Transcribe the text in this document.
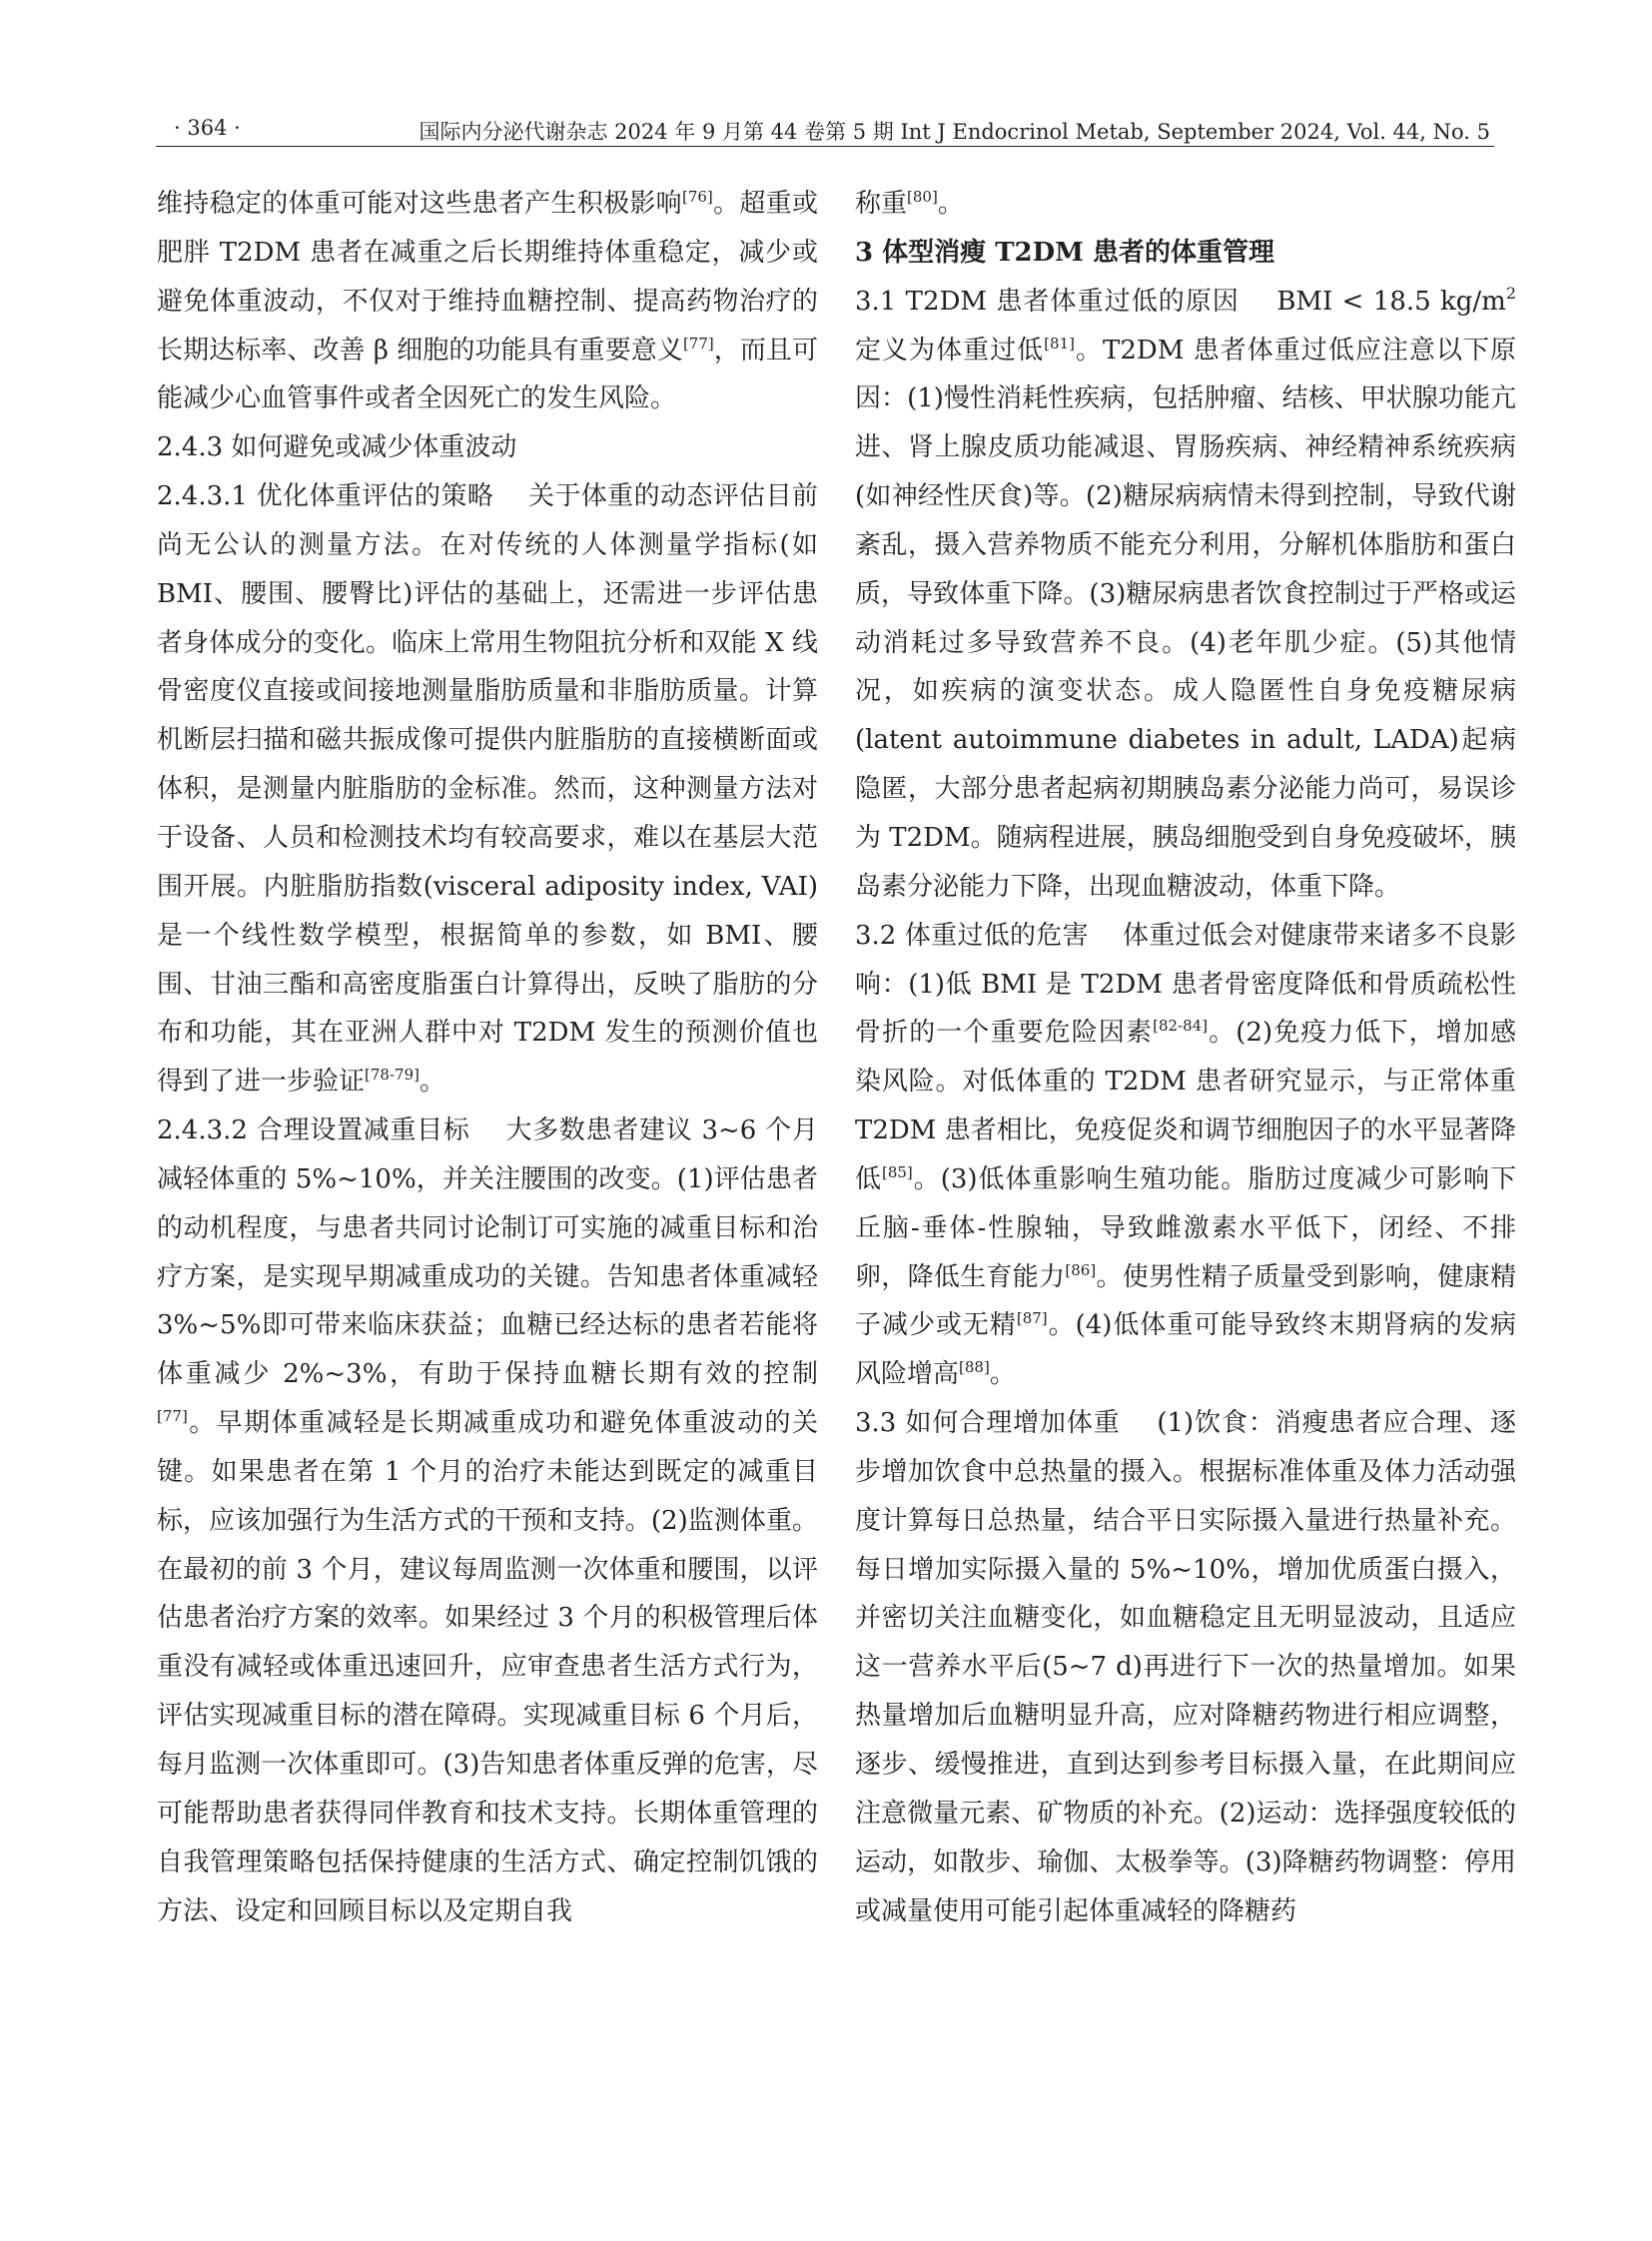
· 364 ·	国际内分泌代谢杂志 2024 年 9 月第 44 卷第 5 期 Int J Endocrinol Metab, September 2024, Vol. 44, No. 5

维持稳定的体重可能对这些患者产生积极影响[76]。超重或肥胖 T2DM 患者在减重之后长期维持体重稳定，减少或避免体重波动，不仅对于维持血糖控制、提高药物治疗的长期达标率、改善 β 细胞的功能具有重要意义[77]，而且可能减少心血管事件或者全因死亡的发生风险。

2.4.3 如何避免或减少体重波动

2.4.3.1 优化体重评估的策略 关于体重的动态评估目前尚无公认的测量方法。在对传统的人体测量学指标(如 BMI、腰围、腰臀比)评估的基础上，还需进一步评估患者身体成分的变化。临床上常用生物阻抗分析和双能 X 线骨密度仪直接或间接地测量脂肪质量和非脂肪质量。计算机断层扫描和磁共振成像可提供内脏脂肪的直接横断面或体积，是测量内脏脂肪的金标准。然而，这种测量方法对于设备、人员和检测技术均有较高要求，难以在基层大范围开展。内脏脂肪指数(visceral adiposity index, VAI)是一个线性数学模型，根据简单的参数，如 BMI、腰围、甘油三酯和高密度脂蛋白计算得出，反映了脂肪的分布和功能，其在亚洲人群中对 T2DM 发生的预测价值也得到了进一步验证[78-79]。

2.4.3.2 合理设置减重目标 大多数患者建议 3~6 个月减轻体重的 5%~10%，并关注腰围的改变。(1)评估患者的动机程度，与患者共同讨论制订可实施的减重目标和治疗方案，是实现早期减重成功的关键。告知患者体重减轻 3%~5%即可带来临床获益；血糖已经达标的患者若能将体重减少 2%~3%，有助于保持血糖长期有效的控制[77]。早期体重减轻是长期减重成功和避免体重波动的关键。如果患者在第 1 个月的治疗未能达到既定的减重目标，应该加强行为生活方式的干预和支持。(2)监测体重。在最初的前 3 个月，建议每周监测一次体重和腰围，以评估患者治疗方案的效率。如果经过 3 个月的积极管理后体重没有减轻或体重迅速回升，应审查患者生活方式行为，评估实现减重目标的潜在障碍。实现减重目标 6 个月后，每月监测一次体重即可。(3)告知患者体重反弹的危害，尽可能帮助患者获得同伴教育和技术支持。长期体重管理的自我管理策略包括保持健康的生活方式、确定控制饥饿的方法、设定和回顾目标以及定期自我

称重[80]。

3 体型消瘦 T2DM 患者的体重管理

3.1 T2DM 患者体重过低的原因 BMI < 18.5 $kg/m^2$ 定义为体重过低[81]。T2DM 患者体重过低应注意以下原因：(1)慢性消耗性疾病，包括肿瘤、结核、甲状腺功能亢进、肾上腺皮质功能减退、胃肠疾病、神经精神系统疾病(如神经性厌食)等。(2)糖尿病病情未得到控制，导致代谢紊乱，摄入营养物质不能充分利用，分解机体脂肪和蛋白质，导致体重下降。(3)糖尿病患者饮食控制过于严格或运动消耗过多导致营养不良。(4)老年肌少症。(5)其他情况，如疾病的演变状态。成人隐匿性自身免疫糖尿病(latent autoimmune diabetes in adult, LADA)起病隐匿，大部分患者起病初期胰岛素分泌能力尚可，易误诊为 T2DM。随病程进展，胰岛细胞受到自身免疫破坏，胰岛素分泌能力下降，出现血糖波动，体重下降。

3.2 体重过低的危害 体重过低会对健康带来诸多不良影响：(1)低 BMI 是 T2DM 患者骨密度降低和骨质疏松性骨折的一个重要危险因素[82-84]。(2)免疫力低下，增加感染风险。对低体重的 T2DM 患者研究显示，与正常体重 T2DM 患者相比，免疫促炎和调节细胞因子的水平显著降低[85]。(3)低体重影响生殖功能。脂肪过度减少可影响下丘脑-垂体-性腺轴，导致雌激素水平低下，闭经、不排卵，降低生育能力[86]。使男性精子质量受到影响，健康精子减少或无精[87]。(4)低体重可能导致终末期肾病的发病风险增高[88]。

3.3 如何合理增加体重 (1)饮食：消瘦患者应合理、逐步增加饮食中总热量的摄入。根据标准体重及体力活动强度计算每日总热量，结合平日实际摄入量进行热量补充。每日增加实际摄入量的 5%~10%，增加优质蛋白摄入，并密切关注血糖变化，如血糖稳定且无明显波动，且适应这一营养水平后(5~7 d)再进行下一次的热量增加。如果热量增加后血糖明显升高，应对降糖药物进行相应调整，逐步、缓慢推进，直到达到参考目标摄入量，在此期间应注意微量元素、矿物质的补充。(2)运动：选择强度较低的运动，如散步、瑜伽、太极拳等。(3)降糖药物调整：停用或减量使用可能引起体重减轻的降糖药
